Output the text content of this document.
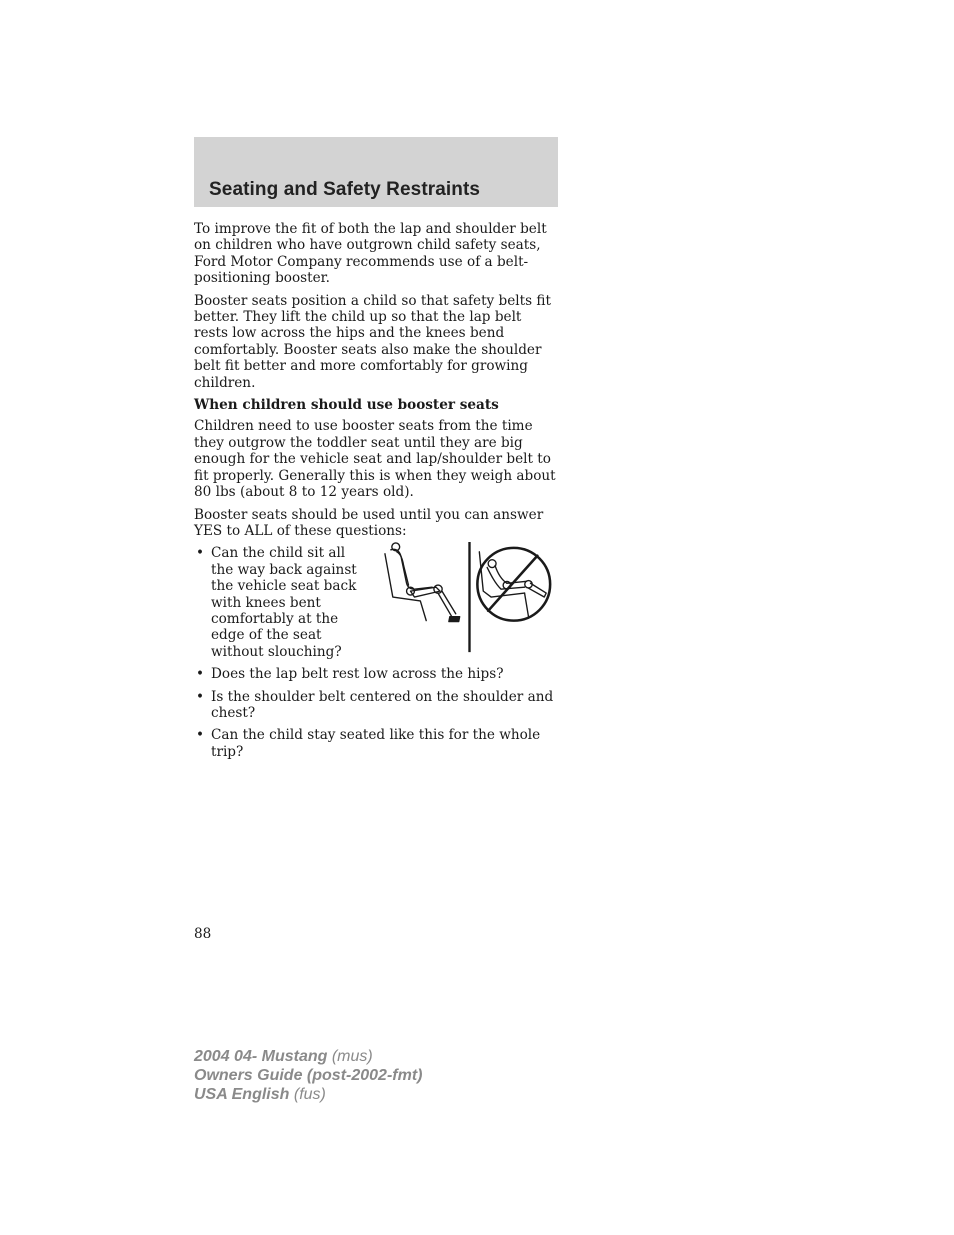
Seating and Safety Restraints

To improve the fit of both the lap and shoulder belt on children who have outgrown child safety seats, Ford Motor Company recommends use of a belt-positioning booster.

Booster seats position a child so that safety belts fit better. They lift the child up so that the lap belt rests low across the hips and the knees bend comfortably. Booster seats also make the shoulder belt fit better and more comfortably for growing children.

When children should use booster seats

Children need to use booster seats from the time they outgrow the toddler seat until they are big enough for the vehicle seat and lap/shoulder belt to fit properly. Generally this is when they weigh about 80 lbs (about 8 to 12 years old).

Booster seats should be used until you can answer YES to ALL of these questions:

• Can the child sit all the way back against the vehicle seat back with knees bent comfortably at the edge of the seat without slouching?
• Does the lap belt rest low across the hips?
• Is the shoulder belt centered on the shoulder and chest?
• Can the child stay seated like this for the whole trip?
88
2004 04- Mustang (mus)
Owners Guide (post-2002-fmt)
USA English (fus)
